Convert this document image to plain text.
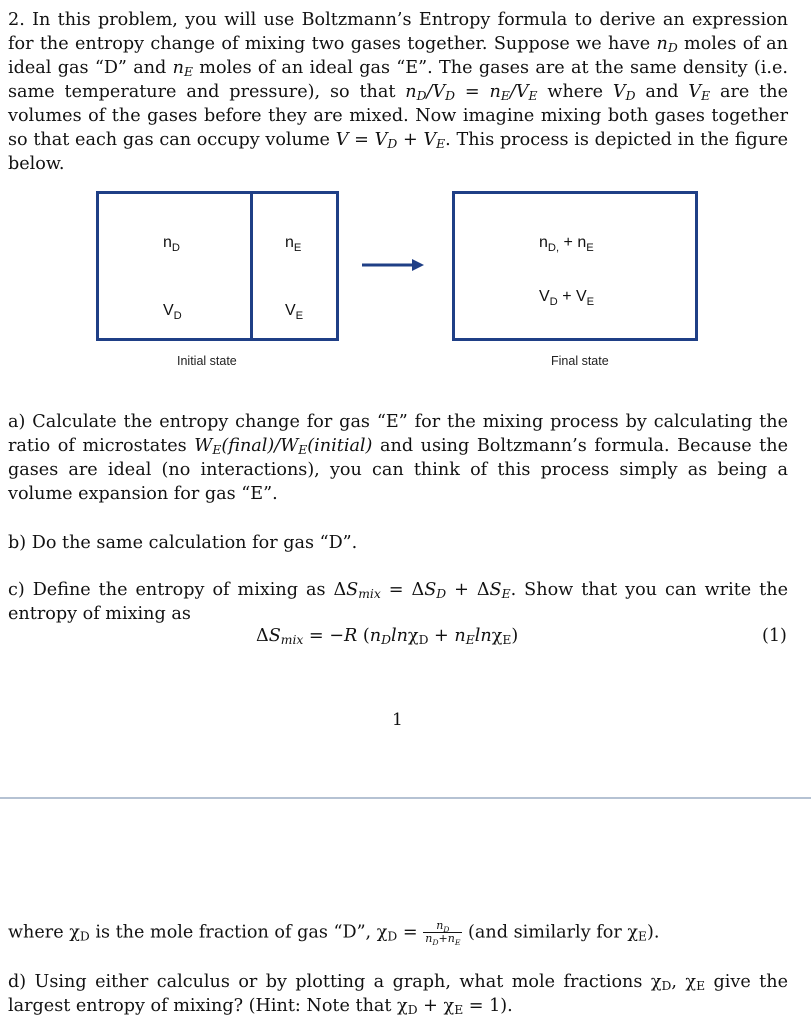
2. In this problem, you will use Boltzmann’s Entropy formula to derive an expression for the entropy change of mixing two gases together. Suppose we have $n_D$ moles of an ideal gas “D” and $n_E$ moles of an ideal gas “E”. The gases are at the same density (i.e. same temperature and pressure), so that $n_D/V_D = n_E/V_E$ where $V_D$ and $V_E$ are the volumes of the gases before they are mixed. Now imagine mixing both gases together so that each gas can occupy volume $V = V_D + V_E$. This process is depicted in the figure below.
$n_D$
$V_D$
$n_E$
$V_E$
$n_{D,} + n_E$
$V_D + V_E$
Initial state	Final state
a) Calculate the entropy change for gas “E” for the mixing process by calculating the ratio of microstates $W_E(final)/W_E(initial)$ and using Boltzmann’s formula. Because the gases are ideal (no interactions), you can think of this process simply as being a volume expansion for gas “E”.
b) Do the same calculation for gas “D”.
c) Define the entropy of mixing as $\Delta S_{mix} = \Delta S_D + \Delta S_E$. Show that you can write the entropy of mixing as
$\Delta S_{mix} = -R$ $(n_D\ln\chi_D + n_E\ln\chi_E)$	(1)
1
where $\chi_D$ is the mole fraction of gas “D”, $\chi_D = \frac{n_D}{n_D+n_E} (and$ similarly for $\chi_E$).
d) Using either calculus or by plotting a graph, what mole fractions $\chi_D$, $\chi_E$ give the largest entropy of mixing? (Hint: Note that $\chi_D + \chi_E = 1$).
